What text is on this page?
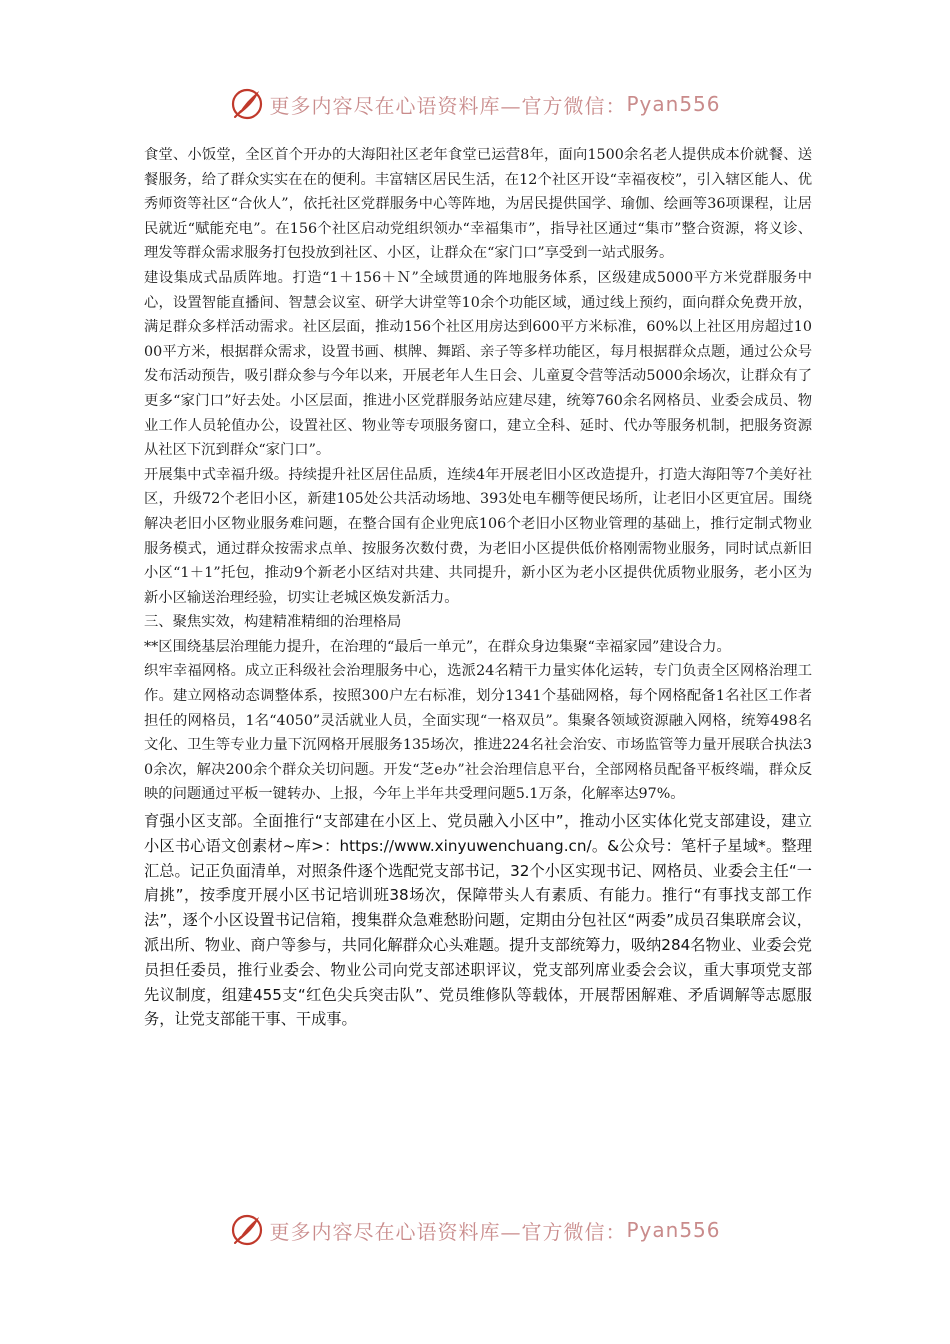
更多内容尽在心语资料库—官方微信： Pyan556

食堂、小饭堂，全区首个开办的大海阳社区老年食堂已运营8年，面向1500余名老人提供成本价就餐、送餐服务，给了群众实实在在的便利。丰富辖区居民生活，在12个社区开设“幸福夜校”，引入辖区能人、优秀师资等社区“合伙人”，依托社区党群服务中心等阵地，为居民提供国学、瑜伽、绘画等36项课程，让居民就近“赋能充电”。在156个社区启动党组织领办“幸福集市”，指导社区通过“集市”整合资源，将义诊、理发等群众需求服务打包投放到社区、小区，让群众在“家门口”享受到一站式服务。

建设集成式品质阵地。打造“1＋156＋Ｎ”全域贯通的阵地服务体系，区级建成5000平方米党群服务中心，设置智能直播间、智慧会议室、研学大讲堂等10余个功能区域，通过线上预约，面向群众免费开放，满足群众多样活动需求。社区层面，推动156个社区用房达到600平方米标准，60%以上社区用房超过1000平方米，根据群众需求，设置书画、棋牌、舞蹈、亲子等多样功能区，每月根据群众点题，通过公众号发布活动预告，吸引群众参与今年以来，开展老年人生日会、儿童夏令营等活动5000余场次，让群众有了更多“家门口”好去处。小区层面，推进小区党群服务站应建尽建，统筹760余名网格员、业委会成员、物业工作人员轮值办公，设置社区、物业等专项服务窗口，建立全科、延时、代办等服务机制，把服务资源从社区下沉到群众“家门口”。

开展集中式幸福升级。持续提升社区居住品质，连续4年开展老旧小区改造提升，打造大海阳等7个美好社区，升级72个老旧小区，新建105处公共活动场地、393处电车棚等便民场所，让老旧小区更宜居。围绕解决老旧小区物业服务难问题，在整合国有企业兜底106个老旧小区物业管理的基础上，推行定制式物业服务模式，通过群众按需求点单、按服务次数付费，为老旧小区提供低价格刚需物业服务，同时试点新旧小区“1＋1”托包，推动9个新老小区结对共建、共同提升，新小区为老小区提供优质物业服务，老小区为新小区输送治理经验，切实让老城区焕发新活力。

三、聚焦实效，构建精准精细的治理格局

**区围绕基层治理能力提升，在治理的“最后一单元”，在群众身边集聚“幸福家园”建设合力。

织牢幸福网格。成立正科级社会治理服务中心，选派24名精干力量实体化运转，专门负责全区网格治理工作。建立网格动态调整体系，按照300户左右标准，划分1341个基础网格，每个网格配备1名社区工作者担任的网格员，1名“4050”灵活就业人员，全面实现“一格双员”。集聚各领域资源融入网格，统筹498名文化、卫生等专业力量下沉网格开展服务135场次，推进224名社会治安、市场监管等力量开展联合执法30余次，解决200余个群众关切问题。开发“芝e办”社会治理信息平台，全部网格员配备平板终端，群众反映的问题通过平板一键转办、上报，今年上半年共受理问题5.1万条，化解率达97%。

育强小区支部。全面推行“支部建在小区上、党员融入小区中”，推动小区实体化党支部建设，建立小区书心语文创素材~库>：https://www.xinyuwenchuang.cn/。&公众号：笔杆子星域*。整理汇总。记正负面清单，对照条件逐个选配党支部书记，32个小区实现书记、网格员、业委会主任“一肩挑”，按季度开展小区书记培训班38场次，保障带头人有素质、有能力。推行“有事找支部工作法”，逐个小区设置书记信箱，搜集群众急难愁盼问题，定期由分包社区“两委”成员召集联席会议，派出所、物业、商户等参与，共同化解群众心头难题。提升支部统筹力，吸纳284名物业、业委会党员担任委员，推行业委会、物业公司向党支部述职评议，党支部列席业委会会议，重大事项党支部先议制度，组建455支“红色尖兵突击队”、党员维修队等载体，开展帮困解难、矛盾调解等志愿服务，让党支部能干事、干成事。

更多内容尽在心语资料库—官方微信： Pyan556
